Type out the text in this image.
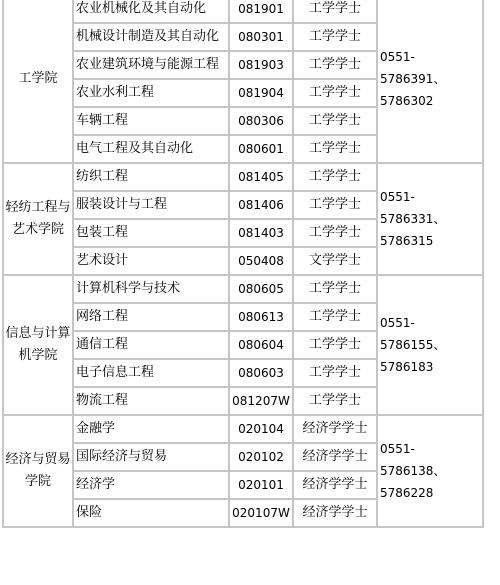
工学院	农业机械化及其自动化	081901	工学学士	0551-5786391、
5786302
	机械设计制造及其自动化	080301	工学学士	
	农业建筑环境与能源工程	081903	工学学士	
	农业水利工程	081904	工学学士	
	车辆工程	080306	工学学士	
	电气工程及其自动化	080601	工学学士	
轻纺工程与艺术学院	纺织工程	081405	工学学士	0551-5786331、
5786315
	服装设计与工程	081406	工学学士	
	包装工程	081403	工学学士	
	艺术设计	050408	文学学士	
信息与计算机学院	计算机科学与技术	080605	工学学士	0551-5786155、
5786183
	网络工程	080613	工学学士	
	通信工程	080604	工学学士	
	电子信息工程	080603	工学学士	
	物流工程	081207W	工学学士	
经济与贸易学院	金融学	020104	经济学学士	0551-5786138、
5786228
	国际经济与贸易	020102	经济学学士	
	经济学	020101	经济学学士	
	保险	020107W	经济学学士	
